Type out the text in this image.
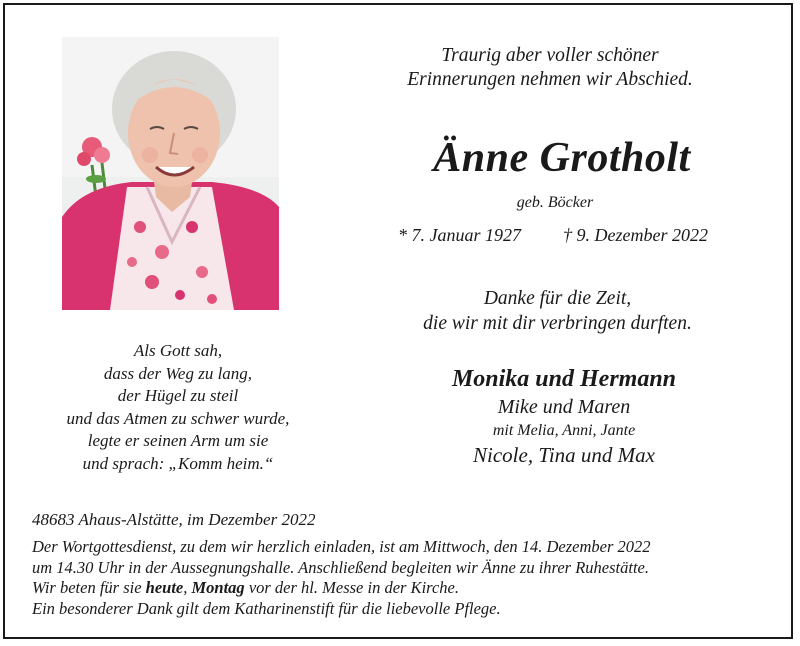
Traurig aber voller schöner
Erinnerungen nehmen wir Abschied.
Änne Grotholt
geb. Böcker
* 7. Januar 1927 † 9. Dezember 2022
Danke für die Zeit,
die wir mit dir verbringen durften.
Als Gott sah,
dass der Weg zu lang,
der Hügel zu steil
und das Atmen zu schwer wurde,
legte er seinen Arm um sie
und sprach: „Komm heim.“
Monika und Hermann
Mike und Maren
mit Melia, Anni, Jante
Nicole, Tina und Max
48683 Ahaus-Alstätte, im Dezember 2022
Der Wortgottesdienst, zu dem wir herzlich einladen, ist am Mittwoch, den 14. Dezember 2022
um 14.30 Uhr in der Aussegnungshalle. Anschließend begleiten wir Änne zu ihrer Ruhestätte.
Wir beten für sie heute, Montag vor der hl. Messe in der Kirche.
Ein besonderer Dank gilt dem Katharinenstift für die liebevolle Pflege.
